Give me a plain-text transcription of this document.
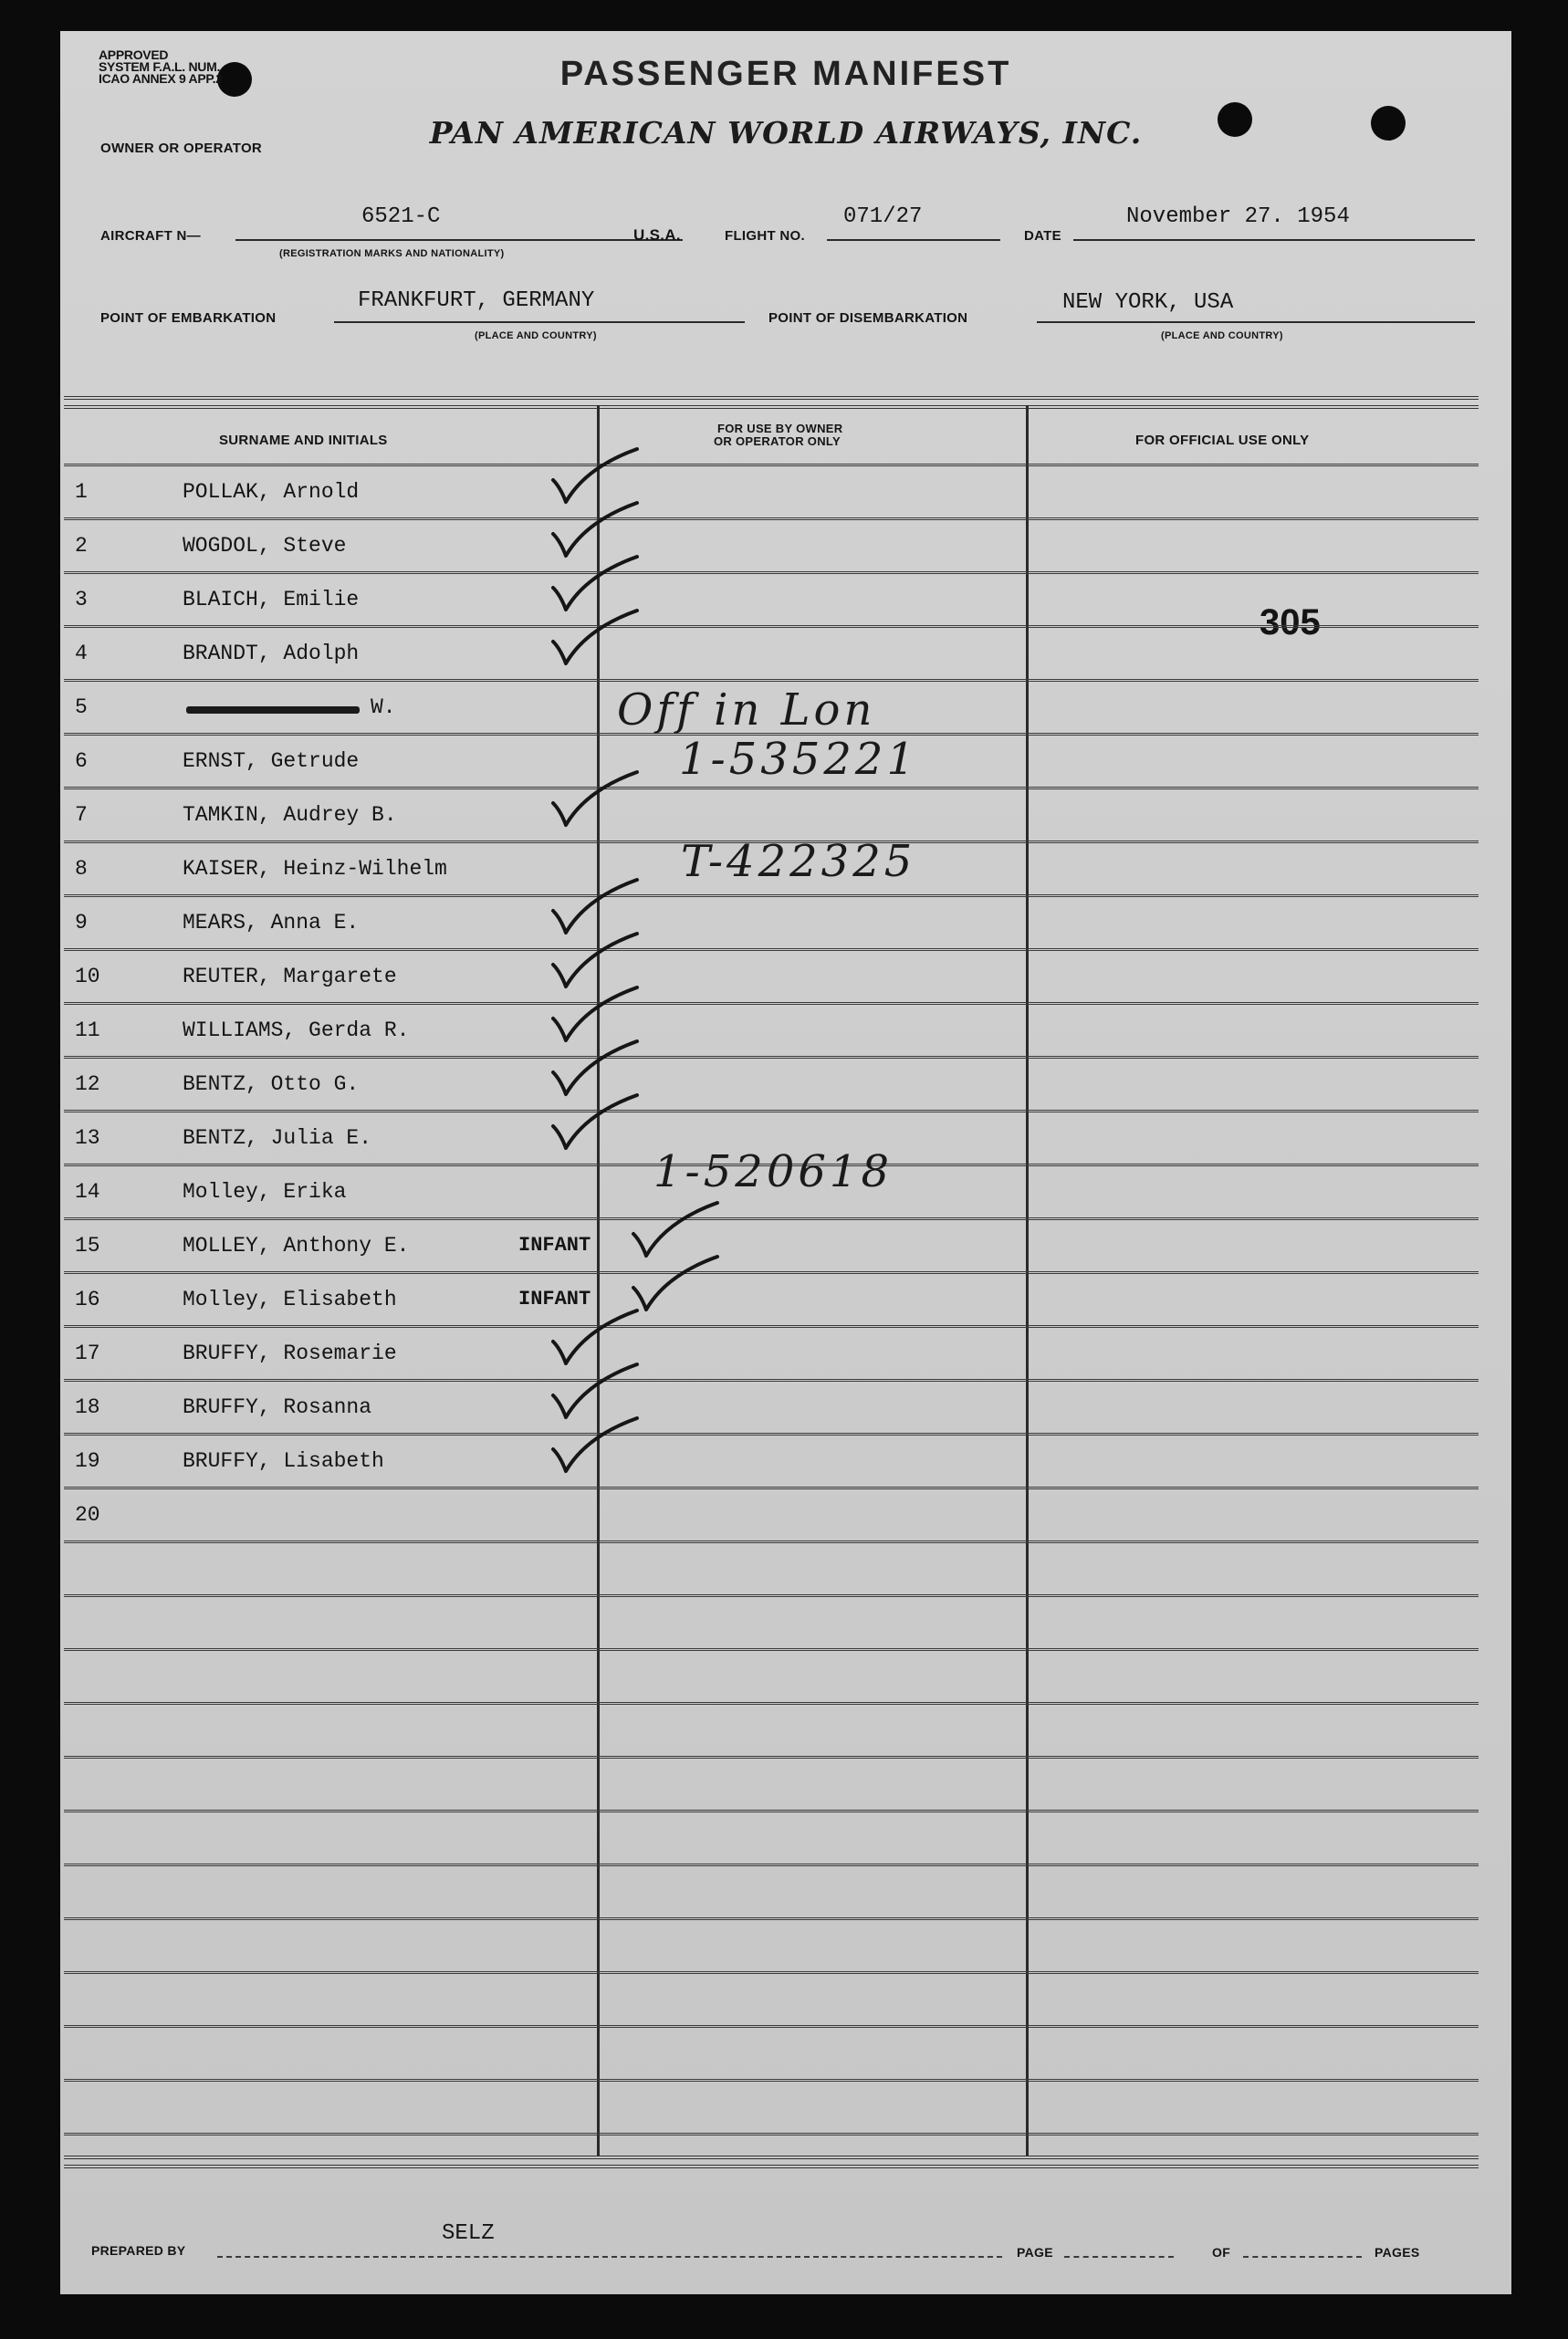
APPROVED
SYSTEM F.A.L. NUM.
ICAO ANNEX 9 APP.2	PASSENGER MANIFEST
PAN AMERICAN WORLD AIRWAYS, INC.
OWNER OR OPERATOR
AIRCRAFT N—
6521-C
(REGISTRATION MARKS AND NATIONALITY)
U.S.A.	FLIGHT NO.
071/27
DATE
November 27. 1954
POINT OF EMBARKATION
FRANKFURT, GERMANY
(PLACE AND COUNTRY)
POINT OF DISEMBARKATION
NEW YORK, USA
(PLACE AND COUNTRY)
SURNAME AND INITIALS
FOR USE BY OWNER
OR OPERATOR ONLY	FOR OFFICIAL USE ONLY
305
1	POLLAK, Arnold
2	WOGDOL, Steve
3	BLAICH, Emilie
4	BRANDT, Adolph
5	W.
6	ERNST, Getrude
7	TAMKIN, Audrey B.
8	KAISER, Heinz-Wilhelm
9	MEARS, Anna E.
10	REUTER, Margarete
11	WILLIAMS, Gerda R.
12	BENTZ, Otto G.
13	BENTZ, Julia E.
14	Molley, Erika
15	MOLLEY, Anthony E.	INFANT
16	Molley, Elisabeth	INFANT
17	BRUFFY, Rosemarie
18	BRUFFY, Rosanna
19	BRUFFY, Lisabeth
20
Off in Lon
1-535221
T-422325
1-520618
PREPARED BY
SELZ
PAGE	OF	PAGES
